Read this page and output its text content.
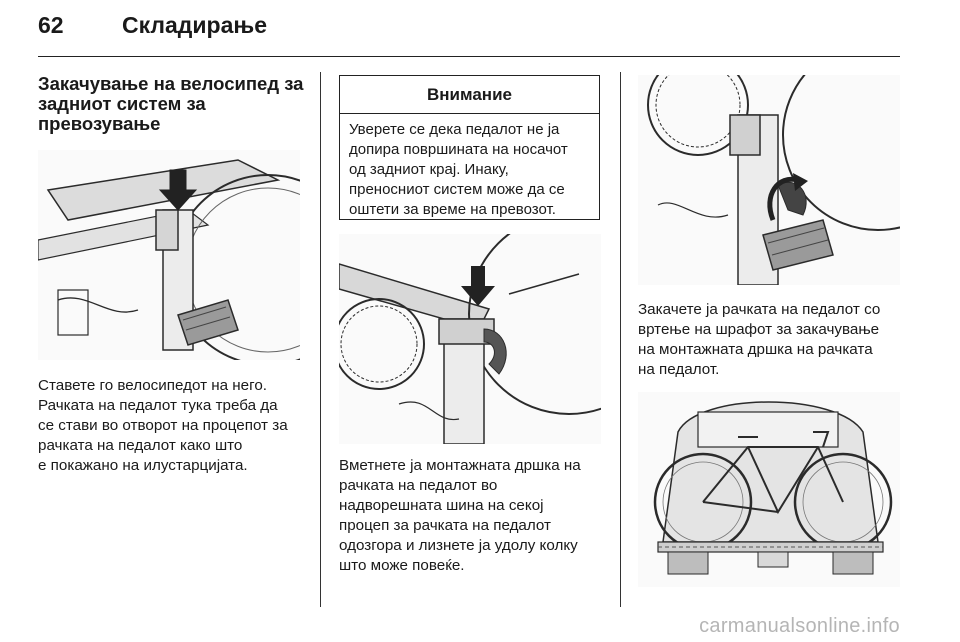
62	Складирање
Закачување на велосипед за задниот систем за превозување
Ставете го велосипедот на него.
Рачката на педалот тука треба да
се стави во отворот на процепот за
рачката на педалот како што
е покажано на илустарцијата.
Внимание
Уверете се дека педалот не ја
допира површината на носачот
од задниот крај. Инаку,
преносниот систем може да се
оштети за време на превозот.
Вметнете ја монтажната дршка на
рачката на педалот во
надворешната шина на секој
процеп за рачката на педалот
одозгора и лизнете ја удолу колку
што може повеќе.
Закачете ја рачката на педалот со
вртење на шрафот за закачување
на монтажната дршка на рачката
на педалот.
carmanualsonline.info
